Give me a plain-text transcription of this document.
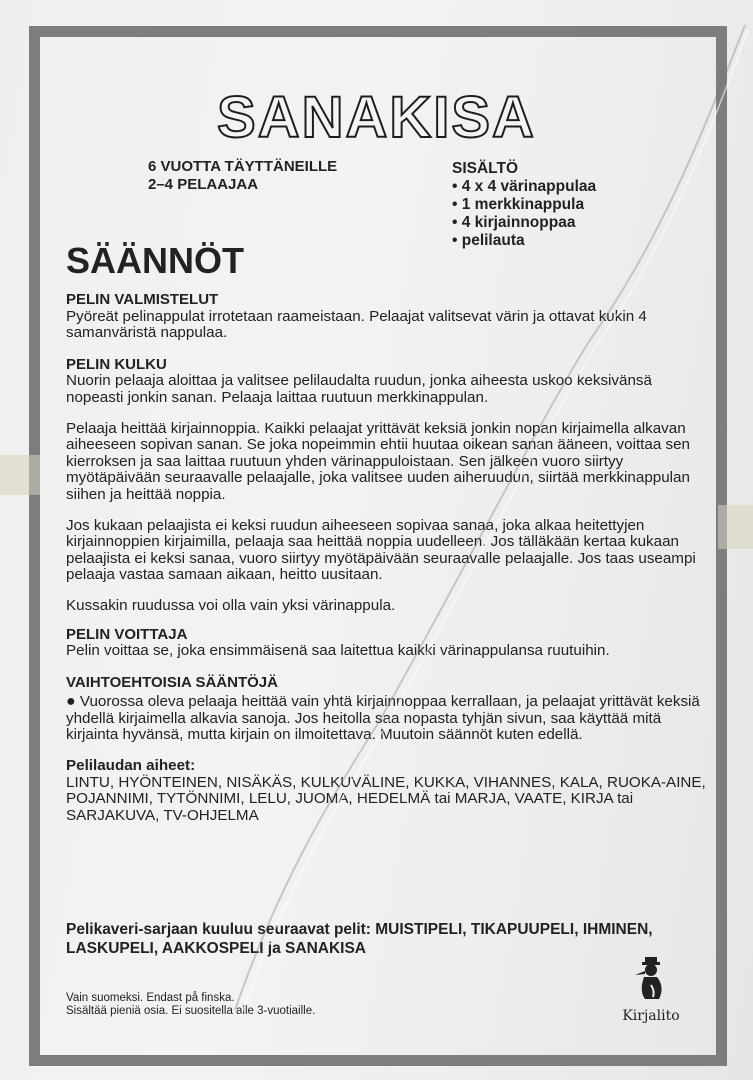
SANAKISA
6 VUOTTA TÄYTTÄNEILLE
2–4 PELAAJAA
SISÄLTÖ
• 4 x 4 värinappulaa
• 1 merkkinappula
• 4 kirjainnoppaa
• pelilauta
SÄÄNNÖT
PELIN VALMISTELUT
Pyöreät pelinappulat irrotetaan raameistaan. Pelaajat valitsevat värin ja ottavat kukin 4 samanväristä nappulaa.
PELIN KULKU

Nuorin pelaaja aloittaa ja valitsee pelilaudalta ruudun, jonka aiheesta uskoo keksivänsä nopeasti jonkin sanan. Pelaaja laittaa ruutuun merkkinappulan.

Pelaaja heittää kirjainnoppia. Kaikki pelaajat yrittävät keksiä jonkin nopan kirjaimella alkavan aiheeseen sopivan sanan. Se joka nopeimmin ehtii huutaa oikean sanan ääneen, voittaa sen kierroksen ja saa laittaa ruutuun yhden värinappuloistaan. Sen jälkeen vuoro siirtyy myötäpäivään seuraavalle pelaajalle, joka valitsee uuden aiheruudun, siirtää merkkinappulan siihen ja heittää noppia.

Jos kukaan pelaajista ei keksi ruudun aiheeseen sopivaa sanaa, joka alkaa heitettyjen kirjainnoppien kirjaimilla, pelaaja saa heittää noppia uudelleen. Jos tälläkään kertaa kukaan pelaajista ei keksi sanaa, vuoro siirtyy myötäpäivään seuraavalle pelaajalle. Jos taas useampi pelaaja vastaa samaan aikaan, heitto uusitaan.

Kussakin ruudussa voi olla vain yksi värinappula.

PELIN VOITTAJA
Pelin voittaa se, joka ensimmäisenä saa laitettua kaikki värinappulansa ruutuihin.
VAIHTOEHTOISIA SÄÄNTÖJÄ
● Vuorossa oleva pelaaja heittää vain yhtä kirjainnoppaa kerrallaan, ja pelaajat yrittävät keksiä yhdellä kirjaimella alkavia sanoja. Jos heitolla saa nopasta tyhjän sivun, saa käyttää mitä kirjainta hyvänsä, mutta kirjain on ilmoitettava. Muutoin säännöt kuten edellä.
Pelilaudan aiheet:
LINTU, HYÖNTEINEN, NISÄKÄS, KULKUVÄLINE, KUKKA, VIHANNES, KALA, RUOKA-AINE, POJANNIMI, TYTÖNNIMI, LELU, JUOMA, HEDELMÄ tai MARJA, VAATE, KIRJA tai SARJAKUVA, TV-OHJELMA
Pelikaveri-sarjaan kuuluu seuraavat pelit: MUISTIPELI, TIKAPUUPELI, IHMINEN, LASKUPELI, AAKKOSPELI ja SANAKISA
Vain suomeksi. Endast på finska.
Sisältää pieniä osia. Ei suositella alle 3-vuotiaille.	Kirjalito
